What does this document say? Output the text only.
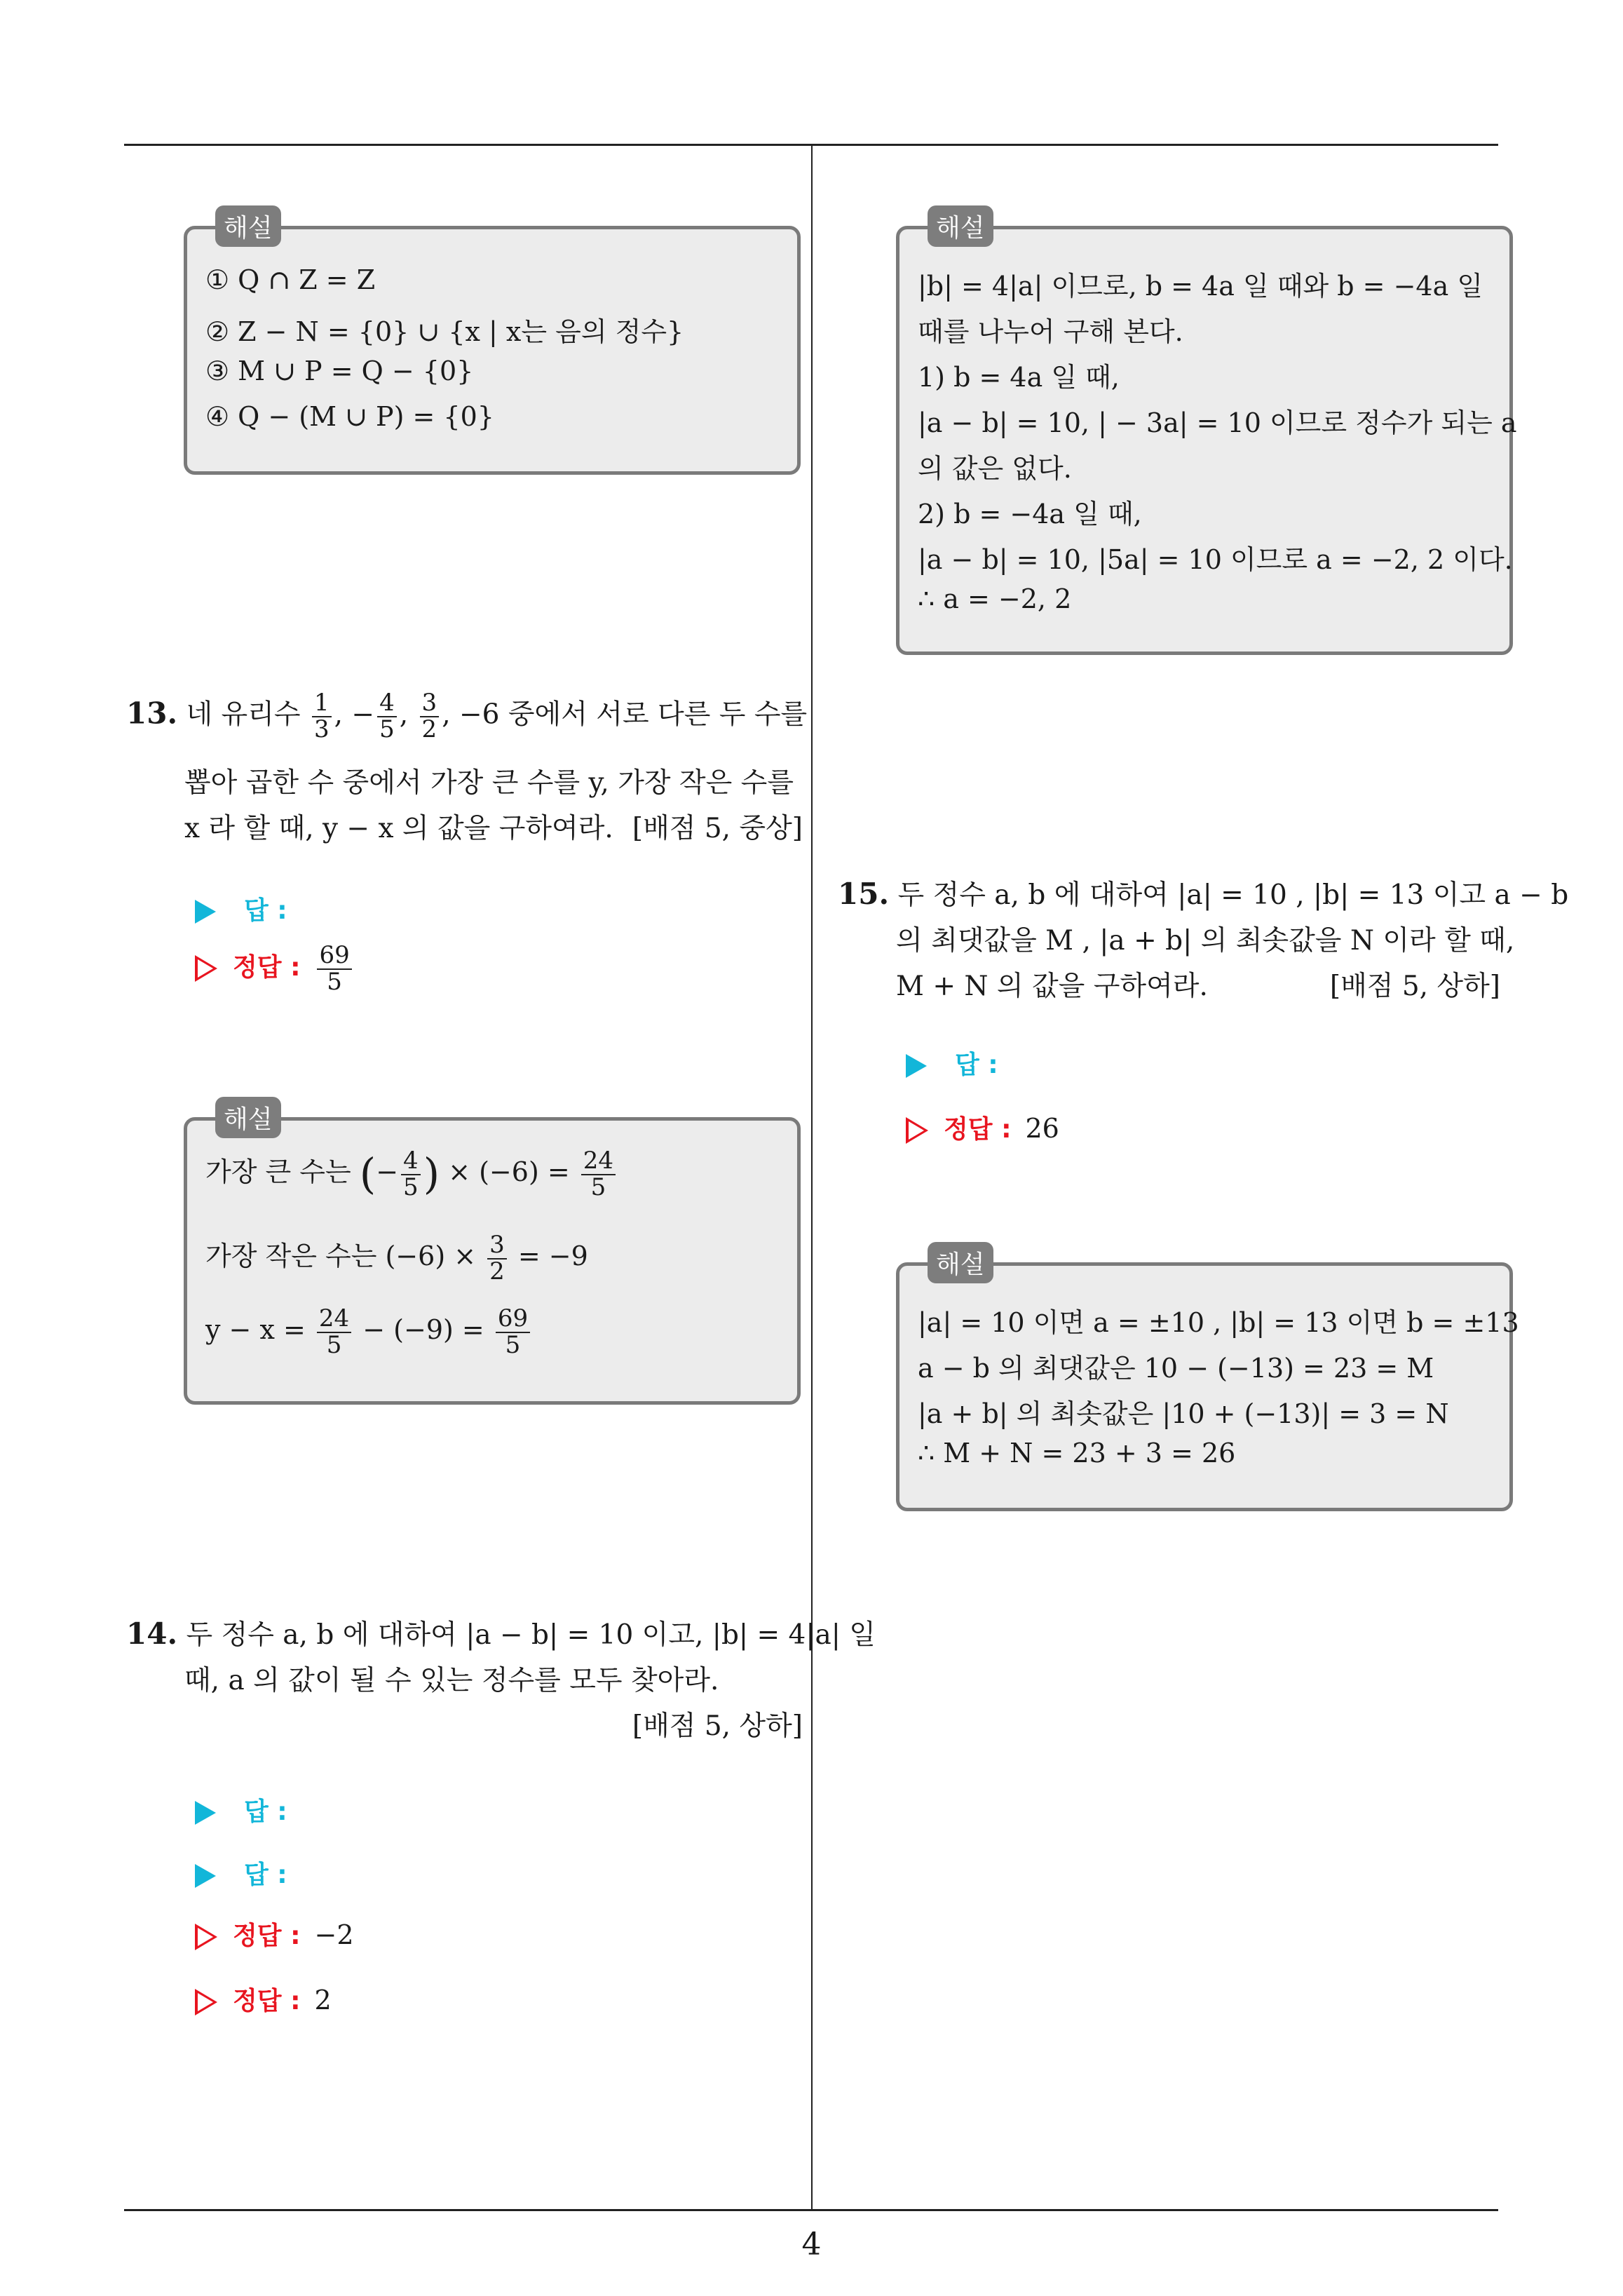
해설
① Q ∩ Z = Z
② Z − N = {0} ∪ {x | x는 음의 정수}
③ M ∪ P = Q − {0}
④ Q − (M ∪ P) = {0}
13. 네 유리수 $\frac{1}{3}$ , − $\frac{4}{5}$ , $\frac{3}{2}$ , −6 중에서 서로 다른 두 수를
뽑아 곱한 수 중에서 가장 큰 수를 y, 가장 작은 수를
x 라 할 때, y − x 의 값을 구하여라. [배점 5, 중상]
답 :
정답 : $\frac{69}{5}$
해설
가장 큰 수는 (− $\frac{4}{5}$ ) × $(-6) = \frac{24}{5}$
가장 작은 수는 $(-6) \times \frac{3}{2} = -9$
$y - x = \frac{24}{5} - (-9) = \frac{69}{5}$
14. 두 정수 a, b 에 대하여 |a − b| = 10 이고, |b| = 4|a| 일
때, a 의 값이 될 수 있는 정수를 모두 찾아라.
[배점 5, 상하]
답 :
답 :
정답 : −2
정답 : 2
해설
|b| = 4|a| 이므로, b = 4a 일 때와 b = −4a 일
때를 나누어 구해 본다.
1) b = 4a 일 때,
|a − b| = 10, | − 3a| = 10 이므로 정수가 되는 a
의 값은 없다.
2) b = −4a 일 때,
|a − b| = 10, |5a| = 10 이므로 a = −2, 2 이다.
∴ a = −2, 2
15. 두 정수 a, b 에 대하여 |a| = 10 , |b| = 13 이고 a − b
의 최댓값을 M , |a + b| 의 최솟값을 N 이라 할 때,
M + N 의 값을 구하여라.	[배점 5, 상하]
답 :
정답 : 26
해설
|a| = 10 이면 a = ±10 , |b| = 13 이면 b = ±13
a − b 의 최댓값은 10 − (−13) = 23 = M
|a + b| 의 최솟값은 |10 + (−13)| = 3 = N
∴ M + N = 23 + 3 = 26
4
